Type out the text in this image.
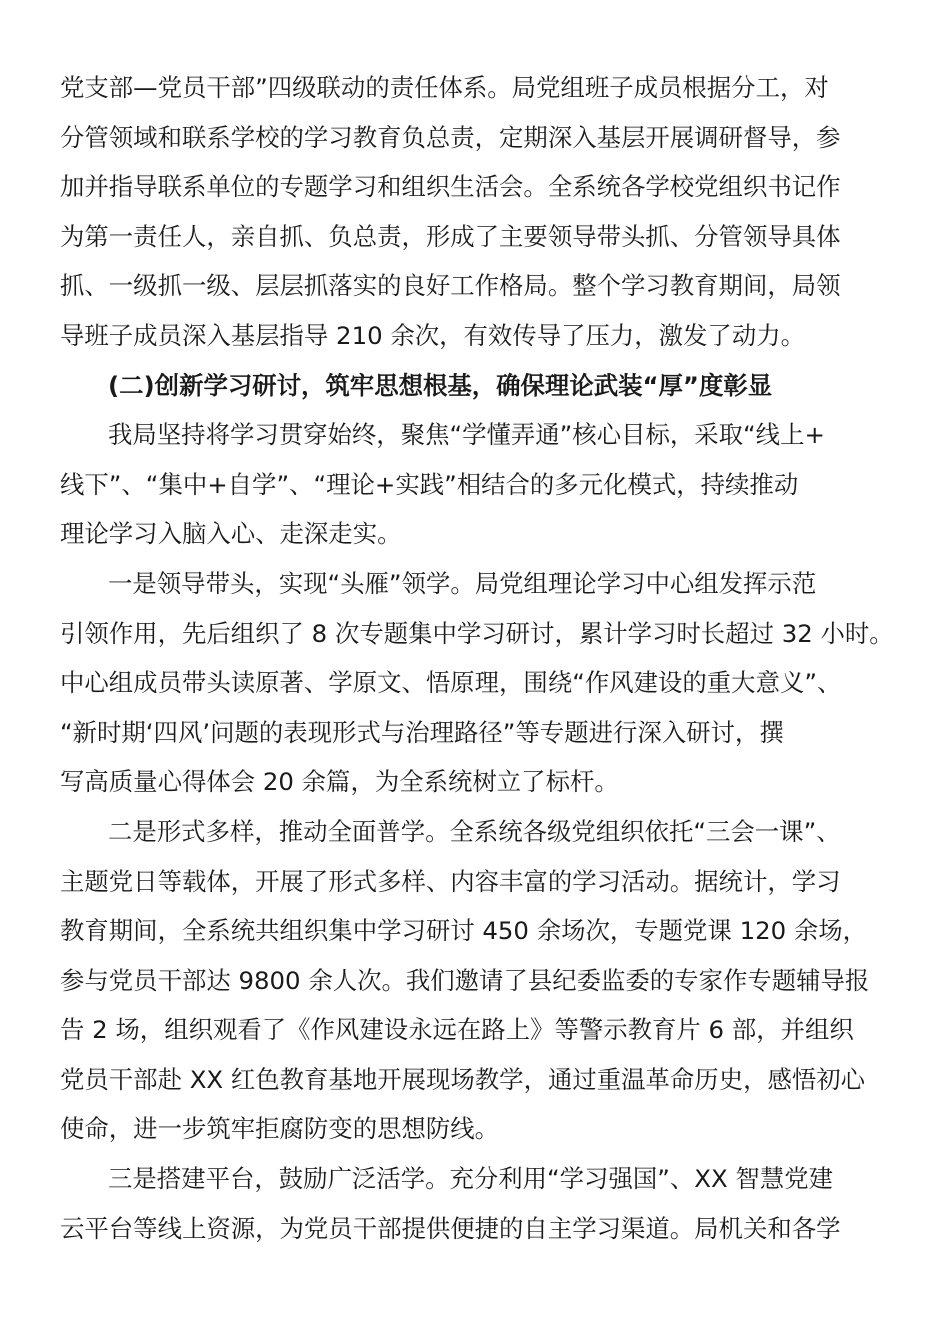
党支部—党员干部”四级联动的责任体系。局党组班子成员根据分工，对
分管领域和联系学校的学习教育负总责，定期深入基层开展调研督导，参
加并指导联系单位的专题学习和组织生活会。全系统各学校党组织书记作
为第一责任人，亲自抓、负总责，形成了主要领导带头抓、分管领导具体
抓、一级抓一级、层层抓落实的良好工作格局。整个学习教育期间，局领
导班子成员深入基层指导 210 余次，有效传导了压力，激发了动力。
(二)创新学习研讨，筑牢思想根基，确保理论武装“厚”度彰显
我局坚持将学习贯穿始终，聚焦“学懂弄通”核心目标，采取“线上+
线下”、“集中+自学”、“理论+实践”相结合的多元化模式，持续推动
理论学习入脑入心、走深走实。
一是领导带头，实现“头雁”领学。局党组理论学习中心组发挥示范
引领作用，先后组织了 8 次专题集中学习研讨，累计学习时长超过 32 小时。
中心组成员带头读原著、学原文、悟原理，围绕“作风建设的重大意义”、
“新时期‘四风’问题的表现形式与治理路径”等专题进行深入研讨，撰
写高质量心得体会 20 余篇，为全系统树立了标杆。
二是形式多样，推动全面普学。全系统各级党组织依托“三会一课”、
主题党日等载体，开展了形式多样、内容丰富的学习活动。据统计，学习
教育期间，全系统共组织集中学习研讨 450 余场次，专题党课 120 余场，
参与党员干部达 9800 余人次。我们邀请了县纪委监委的专家作专题辅导报
告 2 场，组织观看了《作风建设永远在路上》等警示教育片 6 部，并组织
党员干部赴 XX 红色教育基地开展现场教学，通过重温革命历史，感悟初心
使命，进一步筑牢拒腐防变的思想防线。
三是搭建平台，鼓励广泛活学。充分利用“学习强国”、XX 智慧党建
云平台等线上资源，为党员干部提供便捷的自主学习渠道。局机关和各学
